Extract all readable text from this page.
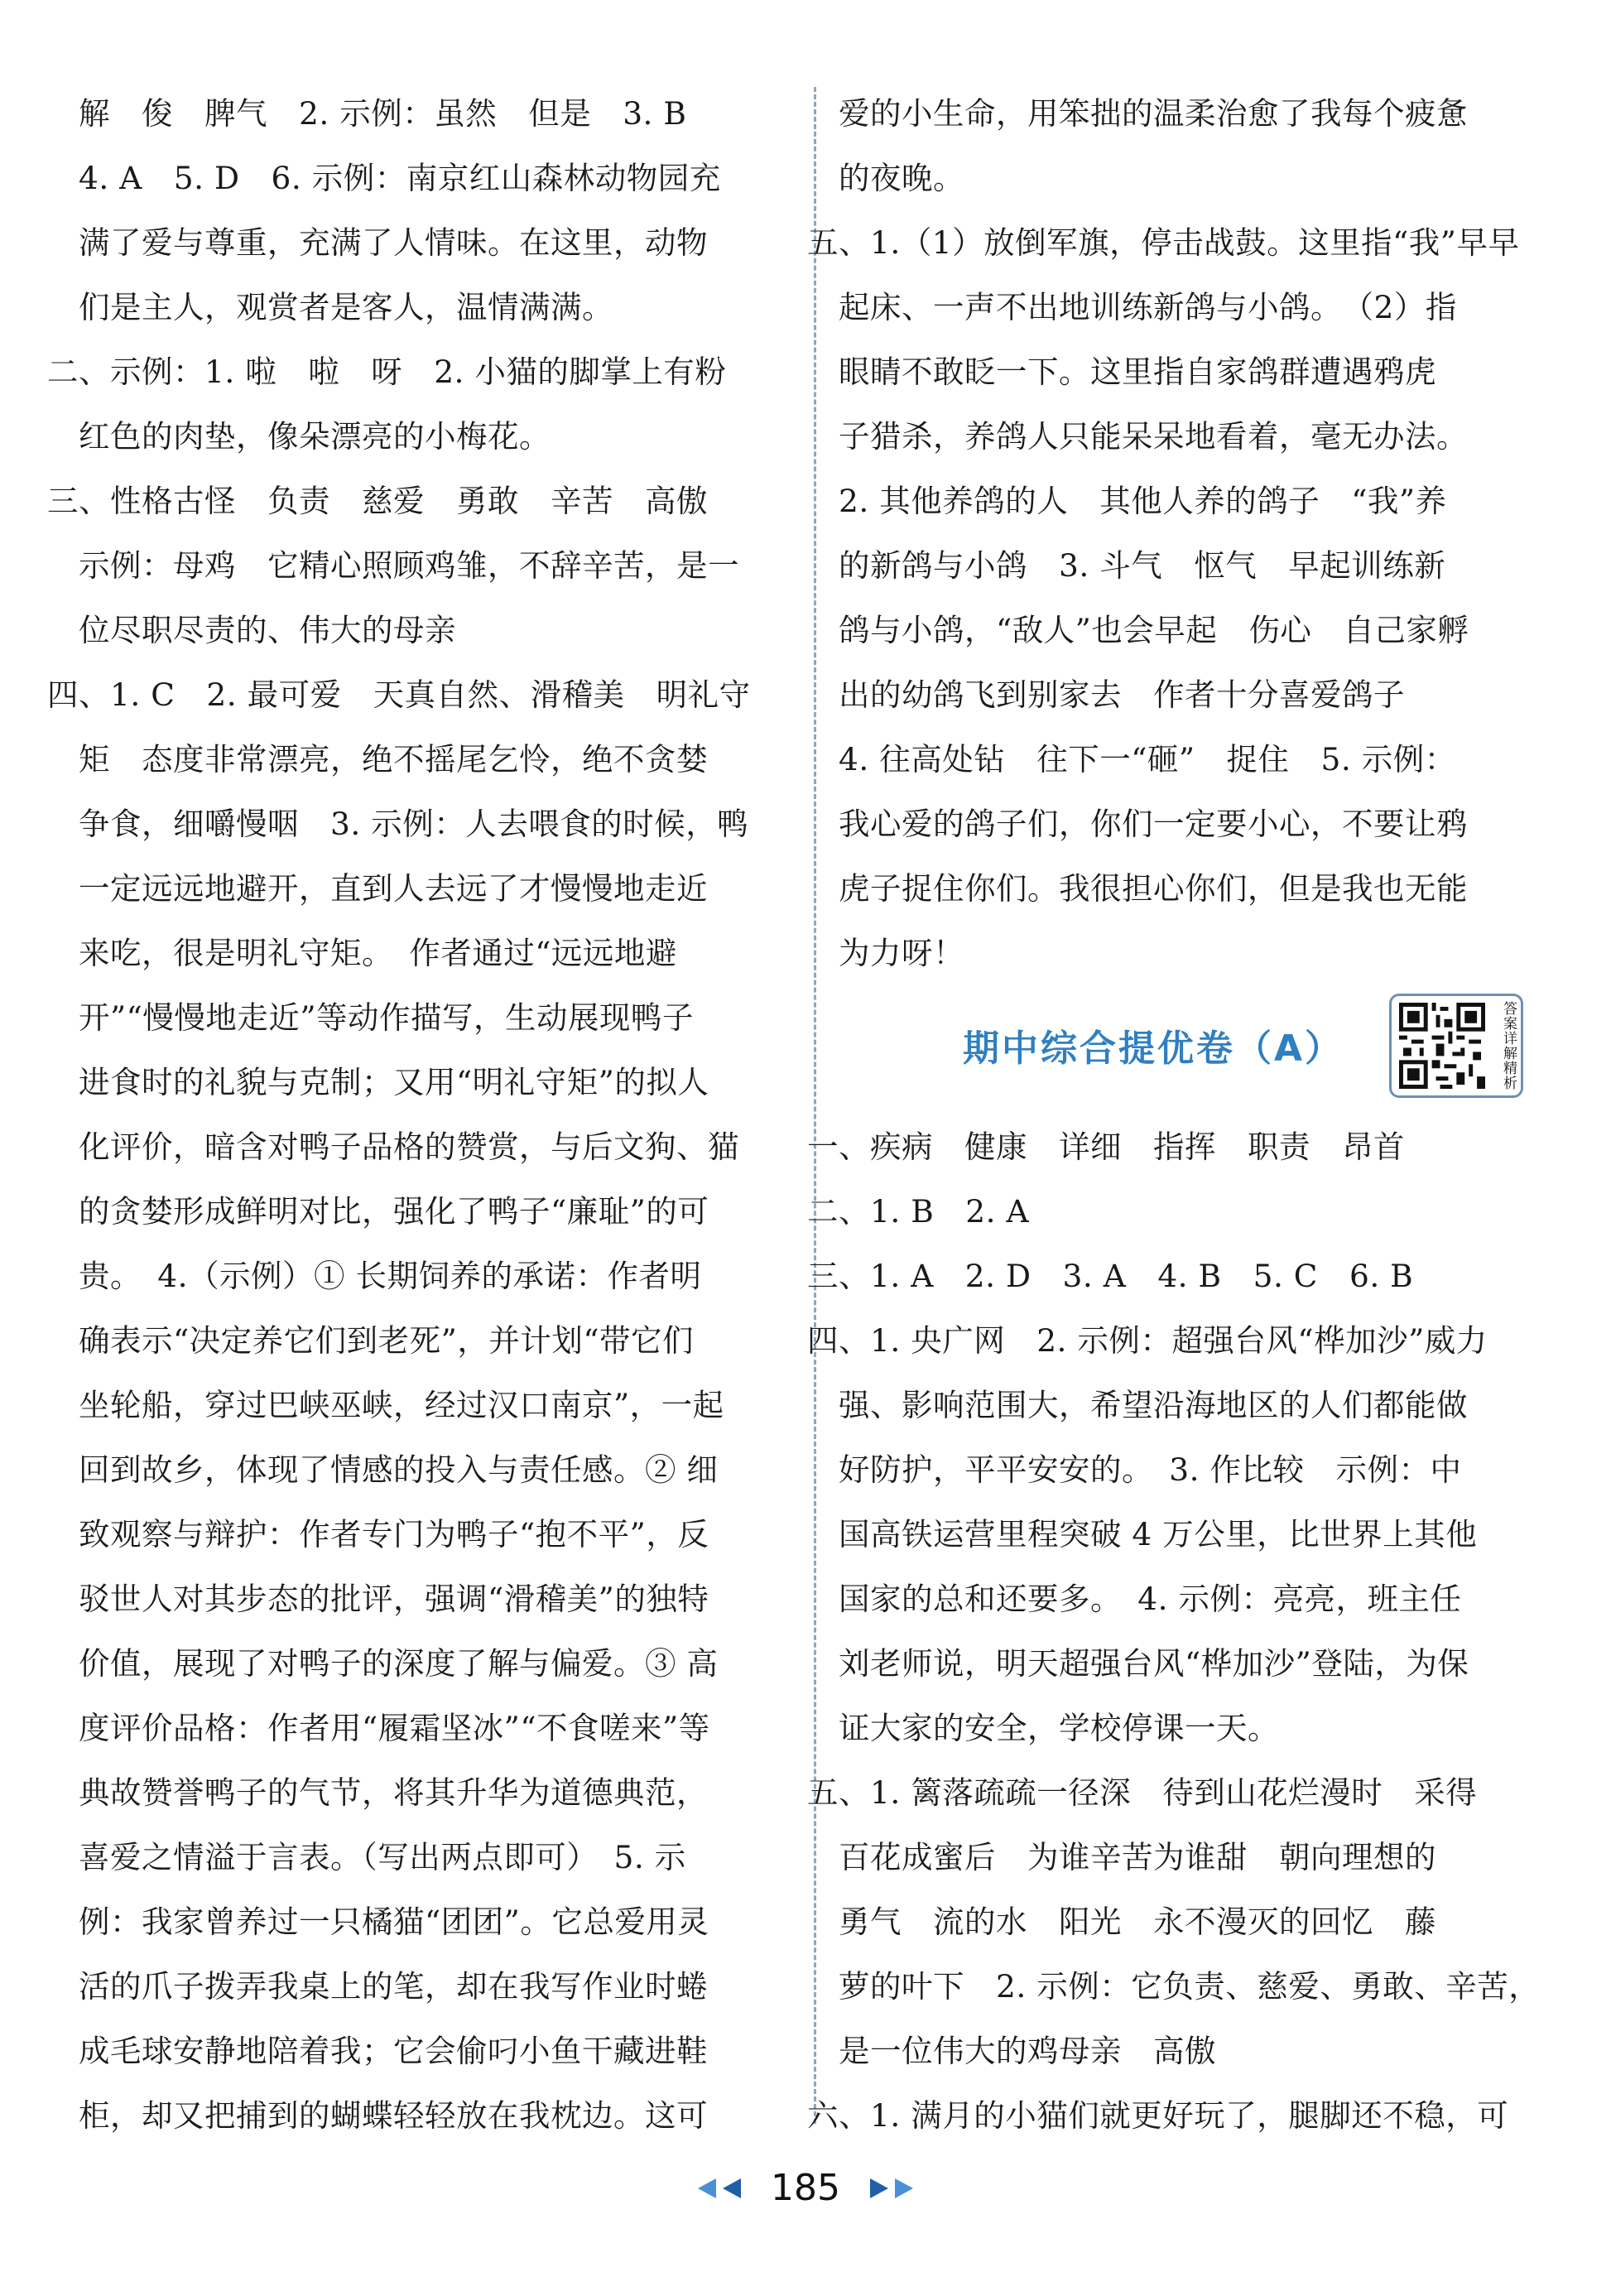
解　俊　脾气　2. 示例：虽然　但是　3. B
4. A　5. D　6. 示例：南京红山森林动物园充
满了爱与尊重，充满了人情味。在这里，动物
们是主人，观赏者是客人，温情满满。
二、示例：1. 啦　啦　呀　2. 小猫的脚掌上有粉
红色的肉垫，像朵漂亮的小梅花。
三、性格古怪　负责　慈爱　勇敢　辛苦　高傲
示例：母鸡　它精心照顾鸡雏，不辞辛苦，是一
位尽职尽责的、伟大的母亲
四、1. C　2. 最可爱　天真自然、滑稽美　明礼守
矩　态度非常漂亮，绝不摇尾乞怜，绝不贪婪
争食，细嚼慢咽　3. 示例：人去喂食的时候，鸭
一定远远地避开，直到人去远了才慢慢地走近
来吃，很是明礼守矩。　作者通过“远远地避
开”“慢慢地走近”等动作描写，生动展现鸭子
进食时的礼貌与克制；又用“明礼守矩”的拟人
化评价，暗含对鸭子品格的赞赏，与后文狗、猫
的贪婪形成鲜明对比，强化了鸭子“廉耻”的可
贵。　4.（示例）① 长期饲养的承诺：作者明
确表示“决定养它们到老死”，并计划“带它们
坐轮船，穿过巴峡巫峡，经过汉口南京”，一起
回到故乡，体现了情感的投入与责任感。② 细
致观察与辩护：作者专门为鸭子“抱不平”，反
驳世人对其步态的批评，强调“滑稽美”的独特
价值，展现了对鸭子的深度了解与偏爱。③ 高
度评价品格：作者用“履霜坚冰”“不食嗟来”等
典故赞誉鸭子的气节，将其升华为道德典范，
喜爱之情溢于言表。（写出两点即可）　5. 示
例：我家曾养过一只橘猫“团团”。它总爱用灵
活的爪子拨弄我桌上的笔，却在我写作业时蜷
成毛球安静地陪着我；它会偷叼小鱼干藏进鞋
柜，却又把捕到的蝴蝶轻轻放在我枕边。这可
爱的小生命，用笨拙的温柔治愈了我每个疲惫
的夜晚。
五、1.（1）放倒军旗，停击战鼓。这里指“我”早早
起床、一声不出地训练新鸽与小鸽。　（2）指
眼睛不敢眨一下。这里指自家鸽群遭遇鸦虎
子猎杀，养鸽人只能呆呆地看着，毫无办法。
2. 其他养鸽的人　其他人养的鸽子　“我”养
的新鸽与小鸽　3. 斗气　怄气　早起训练新
鸽与小鸽，“敌人”也会早起　伤心　自己家孵
出的幼鸽飞到别家去　作者十分喜爱鸽子
4. 往高处钻　往下一“砸”　捉住　5. 示例：
我心爱的鸽子们，你们一定要小心，不要让鸦
虎子捉住你们。我很担心你们，但是我也无能
为力呀！
期中综合提优卷（A）	答案详解精析
一、疾病　健康　详细　指挥　职责　昂首
二、1. B　2. A
三、1. A　2. D　3. A　4. B　5. C　6. B
四、1. 央广网　2. 示例：超强台风“桦加沙”威力
强、影响范围大，希望沿海地区的人们都能做
好防护，平平安安的。　3. 作比较　示例：中
国高铁运营里程突破 4 万公里，比世界上其他
国家的总和还要多。　4. 示例：亮亮，班主任
刘老师说，明天超强台风“桦加沙”登陆，为保
证大家的安全，学校停课一天。
五、1. 篱落疏疏一径深　待到山花烂漫时　采得
百花成蜜后　为谁辛苦为谁甜　朝向理想的
勇气　流的水　阳光　永不漫灭的回忆　藤
萝的叶下　2. 示例：它负责、慈爱、勇敢、辛苦，
是一位伟大的鸡母亲　高傲
六、1. 满月的小猫们就更好玩了，腿脚还不稳，可
185
